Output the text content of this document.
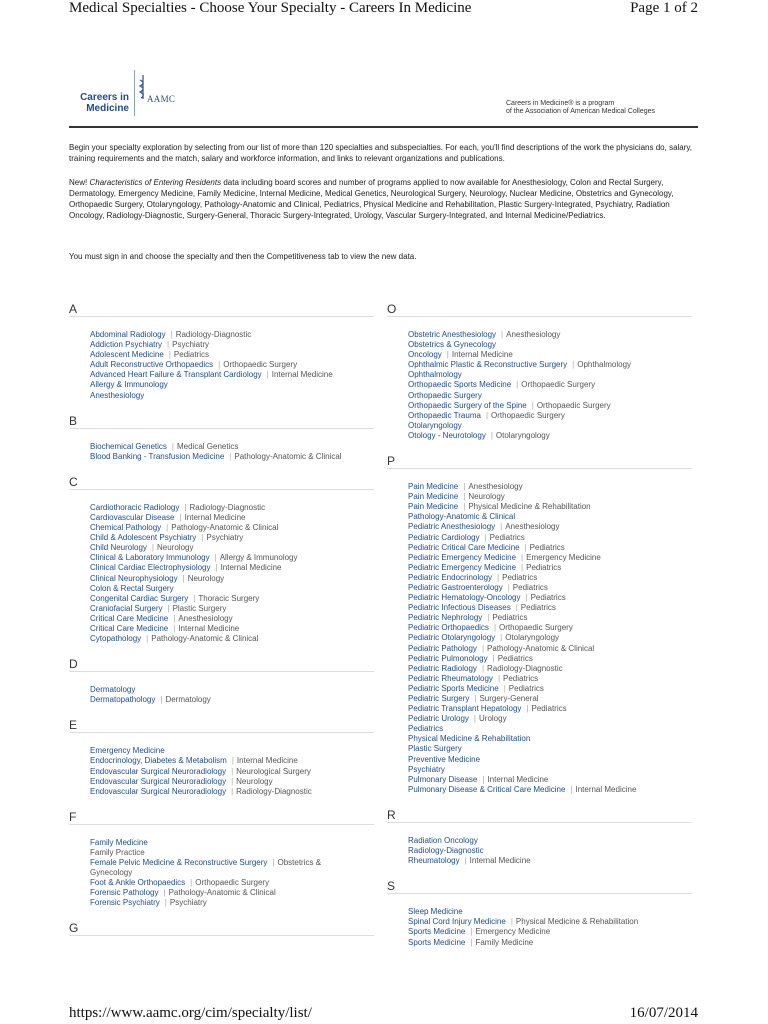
Medical Specialties - Choose Your Specialty - Careers In Medicine	Page 1 of 2
Careers in
Medicine
AAMC	Careers in Medicine® is a program
of the Association of American Medical Colleges
Begin your specialty exploration by selecting from our list of more than 120 specialties and subspecialties. For each, you'll find descriptions of the work the physicians do, salary, training requirements and the match, salary and workforce information, and links to relevant organizations and publications.
New! Characteristics of Entering Residents data including board scores and number of programs applied to now available for Anesthesiology, Colon and Rectal Surgery, Dermatology, Emergency Medicine, Family Medicine, Internal Medicine, Medical Genetics, Neurological Surgery, Neurology, Nuclear Medicine, Obstetrics and Gynecology, Orthopaedic Surgery, Otolaryngology, Pathology-Anatomic and Clinical, Pediatrics, Physical Medicine and Rehabilitation, Plastic Surgery-Integrated, Psychiatry, Radiation Oncology, Radiology-Diagnostic, Surgery-General, Thoracic Surgery-Integrated, Urology, Vascular Surgery-Integrated, and Internal Medicine/Pediatrics.
You must sign in and choose the specialty and then the Competitiveness tab to view the new data.
A
Abdominal Radiology | Radiology-Diagnostic
Addiction Psychiatry | Psychiatry
Adolescent Medicine | Pediatrics
Adult Reconstructive Orthopaedics | Orthopaedic Surgery
Advanced Heart Failure & Transplant Cardiology | Internal Medicine
Allergy & Immunology
Anesthesiology
B
Biochemical Genetics | Medical Genetics
Blood Banking - Transfusion Medicine | Pathology-Anatomic & Clinical
C
Cardiothoracic Radiology | Radiology-Diagnostic
Cardiovascular Disease | Internal Medicine
Chemical Pathology | Pathology-Anatomic & Clinical
Child & Adolescent Psychiatry | Psychiatry
Child Neurology | Neurology
Clinical & Laboratory Immunology | Allergy & Immunology
Clinical Cardiac Electrophysiology | Internal Medicine
Clinical Neurophysiology | Neurology
Colon & Rectal Surgery
Congenital Cardiac Surgery | Thoracic Surgery
Craniofacial Surgery | Plastic Surgery
Critical Care Medicine | Anesthesiology
Critical Care Medicine | Internal Medicine
Cytopathology | Pathology-Anatomic & Clinical
D
Dermatology
Dermatopathology | Dermatology
E
Emergency Medicine
Endocrinology, Diabetes & Metabolism | Internal Medicine
Endovascular Surgical Neuroradiology | Neurological Surgery
Endovascular Surgical Neuroradiology | Neurology
Endovascular Surgical Neuroradiology | Radiology-Diagnostic
F
Family Medicine
Family Practice
Female Pelvic Medicine & Reconstructive Surgery | Obstetrics & Gynecology
Foot & Ankle Orthopaedics | Orthopaedic Surgery
Forensic Pathology | Pathology-Anatomic & Clinical
Forensic Psychiatry | Psychiatry
G
O
Obstetric Anesthesiology | Anesthesiology
Obstetrics & Gynecology
Oncology | Internal Medicine
Ophthalmic Plastic & Reconstructive Surgery | Ophthalmology
Ophthalmology
Orthopaedic Sports Medicine | Orthopaedic Surgery
Orthopaedic Surgery
Orthopaedic Surgery of the Spine | Orthopaedic Surgery
Orthopaedic Trauma | Orthopaedic Surgery
Otolaryngology
Otology - Neurotology | Otolaryngology
P
Pain Medicine | Anesthesiology
Pain Medicine | Neurology
Pain Medicine | Physical Medicine & Rehabilitation
Pathology-Anatomic & Clinical
Pediatric Anesthesiology | Anesthesiology
Pediatric Cardiology | Pediatrics
Pediatric Critical Care Medicine | Pediatrics
Pediatric Emergency Medicine | Emergency Medicine
Pediatric Emergency Medicine | Pediatrics
Pediatric Endocrinology | Pediatrics
Pediatric Gastroenterology | Pediatrics
Pediatric Hematology-Oncology | Pediatrics
Pediatric Infectious Diseases | Pediatrics
Pediatric Nephrology | Pediatrics
Pediatric Orthopaedics | Orthopaedic Surgery
Pediatric Otolaryngology | Otolaryngology
Pediatric Pathology | Pathology-Anatomic & Clinical
Pediatric Pulmonology | Pediatrics
Pediatric Radiology | Radiology-Diagnostic
Pediatric Rheumatology | Pediatrics
Pediatric Sports Medicine | Pediatrics
Pediatric Surgery | Surgery-General
Pediatric Transplant Hepatology | Pediatrics
Pediatric Urology | Urology
Pediatrics
Physical Medicine & Rehabilitation
Plastic Surgery
Preventive Medicine
Psychiatry
Pulmonary Disease | Internal Medicine
Pulmonary Disease & Critical Care Medicine | Internal Medicine
R
Radiation Oncology
Radiology-Diagnostic
Rheumatology | Internal Medicine
S
Sleep Medicine
Spinal Cord Injury Medicine | Physical Medicine & Rehabilitation
Sports Medicine | Emergency Medicine
Sports Medicine | Family Medicine
https://www.aamc.org/cim/specialty/list/	16/07/2014
